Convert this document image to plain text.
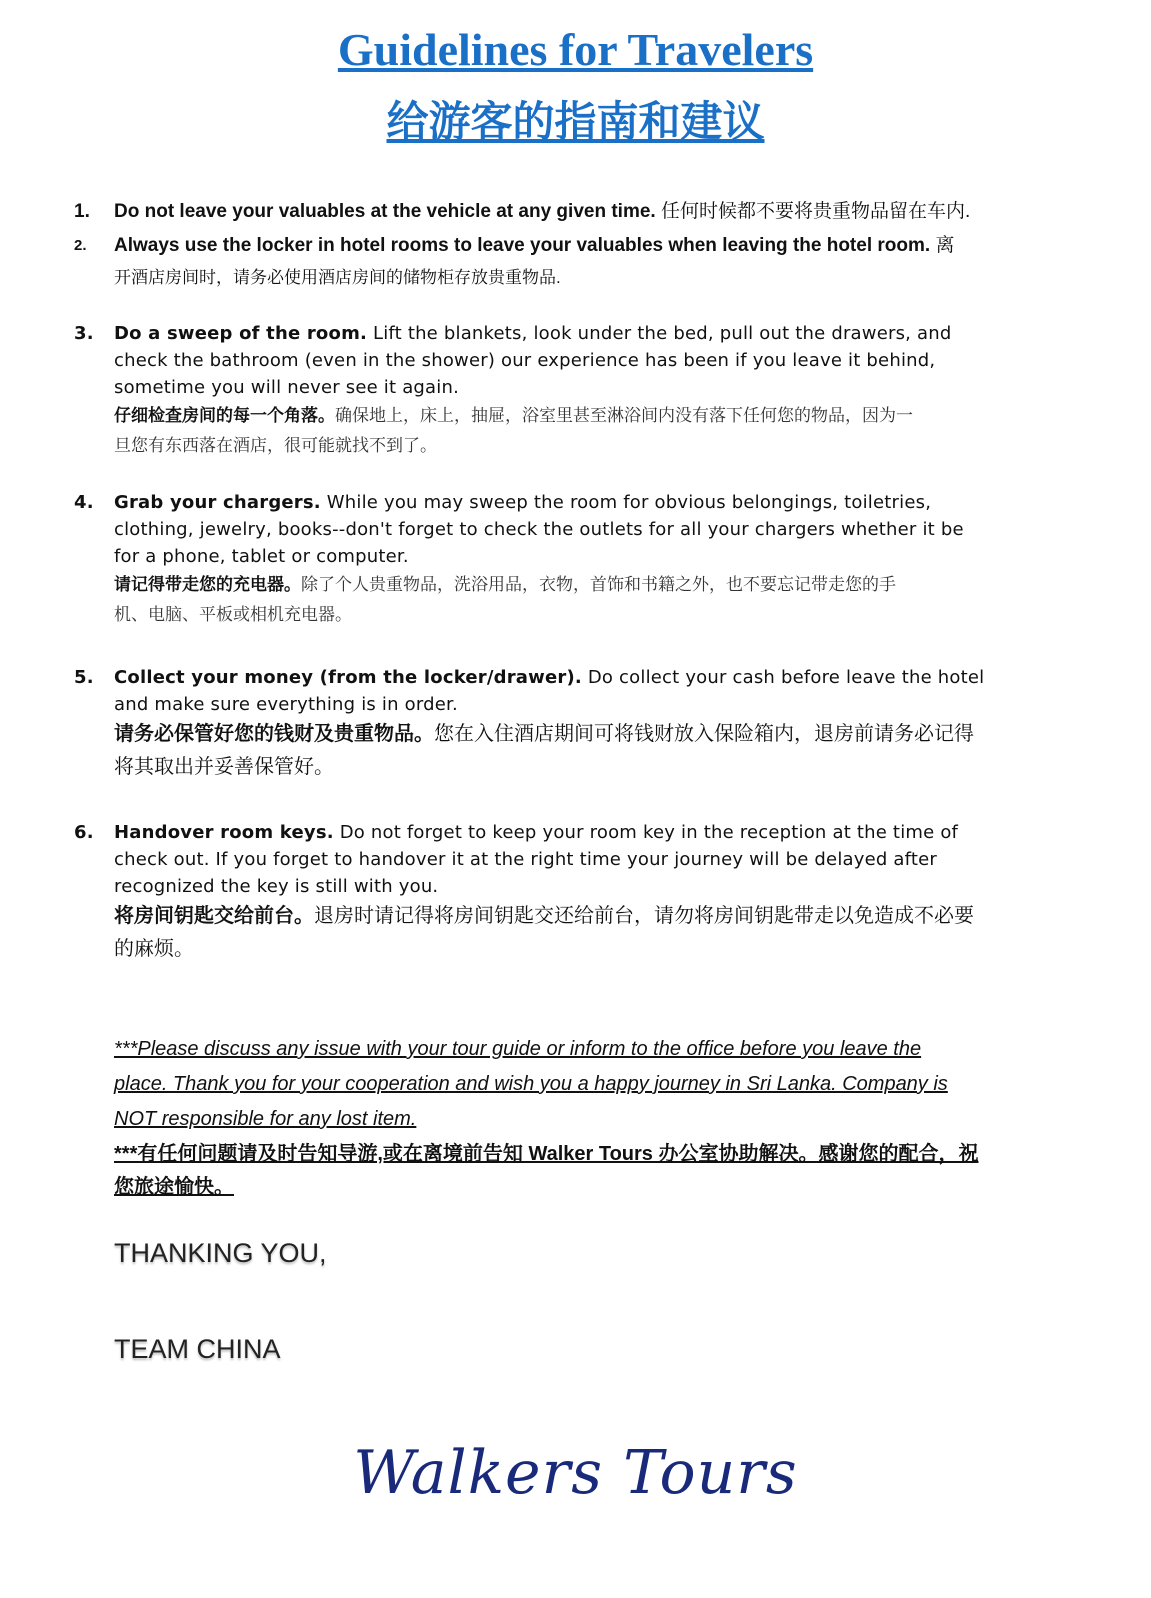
Guidelines for Travelers
给游客的指南和建议
1. Do not leave your valuables at the vehicle at any given time. 任何时候都不要将贵重物品留在车内.
2. Always use the locker in hotel rooms to leave your valuables when leaving the hotel room. 离
开酒店房间时，请务必使用酒店房间的储物柜存放贵重物品.
3. Do a sweep of the room. Lift the blankets, look under the bed, pull out the drawers, and
check the bathroom (even in the shower) our experience has been if you leave it behind,
sometime you will never see it again.
仔细检查房间的每一个角落。确保地上，床上，抽屉，浴室里甚至淋浴间内没有落下任何您的物品，因为一
旦您有东西落在酒店，很可能就找不到了。
4. Grab your chargers. While you may sweep the room for obvious belongings, toiletries,
clothing, jewelry, books--don't forget to check the outlets for all your chargers whether it be
for a phone, tablet or computer.
请记得带走您的充电器。除了个人贵重物品，洗浴用品，衣物，首饰和书籍之外，也不要忘记带走您的手
机、电脑、平板或相机充电器。
5. Collect your money (from the locker/drawer). Do collect your cash before leave the hotel
and make sure everything is in order.
请务必保管好您的钱财及贵重物品。您在入住酒店期间可将钱财放入保险箱内，退房前请务必记得
将其取出并妥善保管好。
6. Handover room keys. Do not forget to keep your room key in the reception at the time of
check out. If you forget to handover it at the right time your journey will be delayed after
recognized the key is still with you.
将房间钥匙交给前台。退房时请记得将房间钥匙交还给前台，请勿将房间钥匙带走以免造成不必要
的麻烦。
***Please discuss any issue with your tour guide or inform to the office before you leave the
place. Thank you for your cooperation and wish you a happy journey in Sri Lanka. Company is
NOT responsible for any lost item.
***有任何问题请及时告知导游,或在离境前告知 Walker Tours 办公室协助解决。感谢您的配合，祝
您旅途愉快。
THANKING YOU,
TEAM CHINA
Walkers Tours
